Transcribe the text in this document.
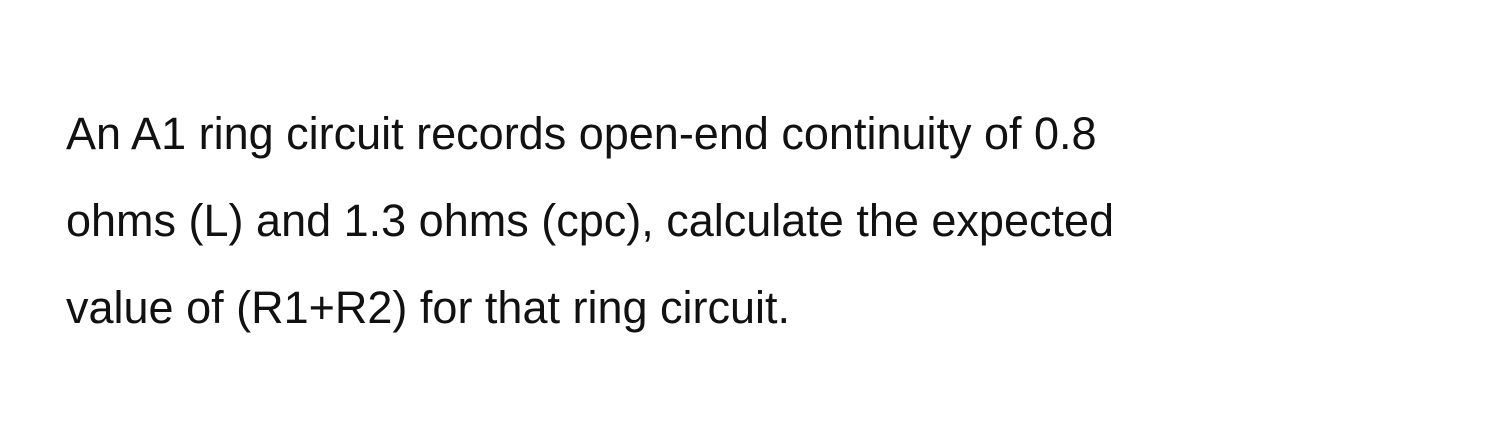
An A1 ring circuit records open-end continuity of 0.8
ohms (L) and 1.3 ohms (cpc), calculate the expected
value of (R1+R2) for that ring circuit.
